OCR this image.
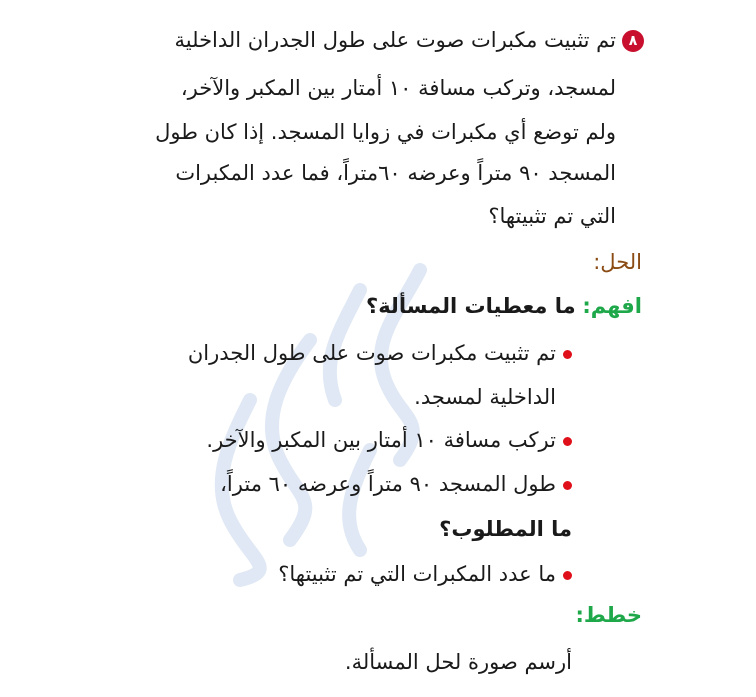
٨تم تثبيت مكبرات صوت على طول الجدران الداخلية
لمسجد، وتركب مسافة ١٠ أمتار بين المكبر والآخر،
ولم توضع أي مكبرات في زوايا المسجد. إذا كان طول
المسجد ٩٠ متراً وعرضه ٦٠متراً، فما عدد المكبرات
التي تم تثبيتها؟
الحل:
افهم: ما معطيات المسألة؟
تم تثبيت مكبرات صوت على طول الجدران
الداخلية لمسجد.
تركب مسافة ١٠ أمتار بين المكبر والآخر.
طول المسجد ٩٠ متراً وعرضه ٦٠ متراً،
ما المطلوب؟
ما عدد المكبرات التي تم تثبيتها؟
خطط:
أرسم صورة لحل المسألة.
